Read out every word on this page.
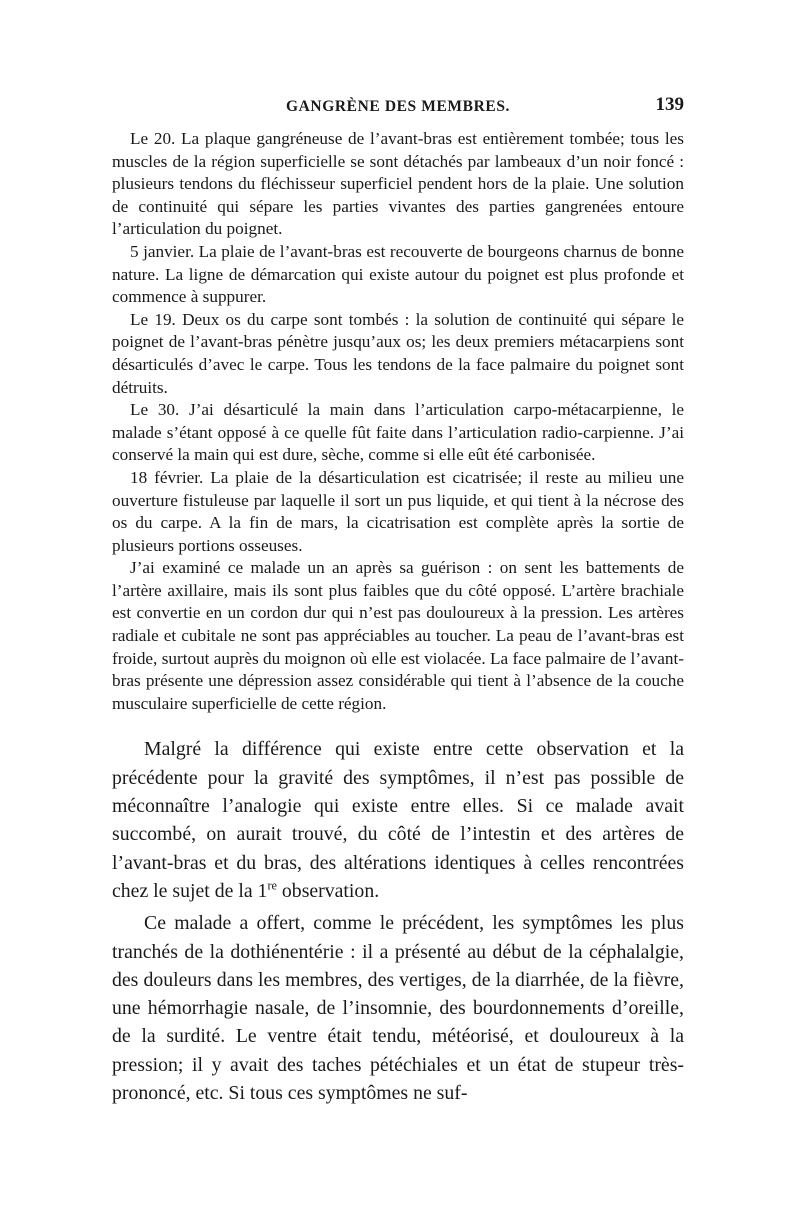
GANGRÈNE DES MEMBRES.	139

Le 20. La plaque gangréneuse de l’avant-bras est entièrement tombée; tous les muscles de la région superficielle se sont détachés par lambeaux d’un noir foncé : plusieurs tendons du fléchisseur superficiel pendent hors de la plaie. Une solution de continuité qui sépare les parties vivantes des parties gangrenées entoure l’articulation du poignet.

5 janvier. La plaie de l’avant-bras est recouverte de bourgeons charnus de bonne nature. La ligne de démarcation qui existe autour du poignet est plus profonde et commence à suppurer.

Le 19. Deux os du carpe sont tombés : la solution de continuité qui sépare le poignet de l’avant-bras pénètre jusqu’aux os; les deux premiers métacarpiens sont désarticulés d’avec le carpe. Tous les tendons de la face palmaire du poignet sont détruits.

Le 30. J’ai désarticulé la main dans l’articulation carpo-métacarpienne, le malade s’étant opposé à ce quelle fût faite dans l’articulation radio-carpienne. J’ai conservé la main qui est dure, sèche, comme si elle eût été carbonisée.

18 février. La plaie de la désarticulation est cicatrisée; il reste au milieu une ouverture fistuleuse par laquelle il sort un pus liquide, et qui tient à la nécrose des os du carpe. A la fin de mars, la cicatrisation est complète après la sortie de plusieurs portions osseuses.

J’ai examiné ce malade un an après sa guérison : on sent les battements de l’artère axillaire, mais ils sont plus faibles que du côté opposé. L’artère brachiale est convertie en un cordon dur qui n’est pas douloureux à la pression. Les artères radiale et cubitale ne sont pas appréciables au toucher. La peau de l’avant-bras est froide, surtout auprès du moignon où elle est violacée. La face palmaire de l’avant-bras présente une dépression assez considérable qui tient à l’absence de la couche musculaire superficielle de cette région.

Malgré la différence qui existe entre cette observation et la précédente pour la gravité des symptômes, il n’est pas possible de méconnaître l’analogie qui existe entre elles. Si ce malade avait succombé, on aurait trouvé, du côté de l’intestin et des artères de l’avant-bras et du bras, des altérations identiques à celles rencontrées chez le sujet de la 1re observation.

Ce malade a offert, comme le précédent, les symptômes les plus tranchés de la dothiénentérie : il a présenté au début de la céphalalgie, des douleurs dans les membres, des vertiges, de la diarrhée, de la fièvre, une hémorrhagie nasale, de l’insomnie, des bourdonnements d’oreille, de la surdité. Le ventre était tendu, météorisé, et douloureux à la pression; il y avait des taches pétéchiales et un état de stupeur très-prononcé, etc. Si tous ces symptômes ne suf-
